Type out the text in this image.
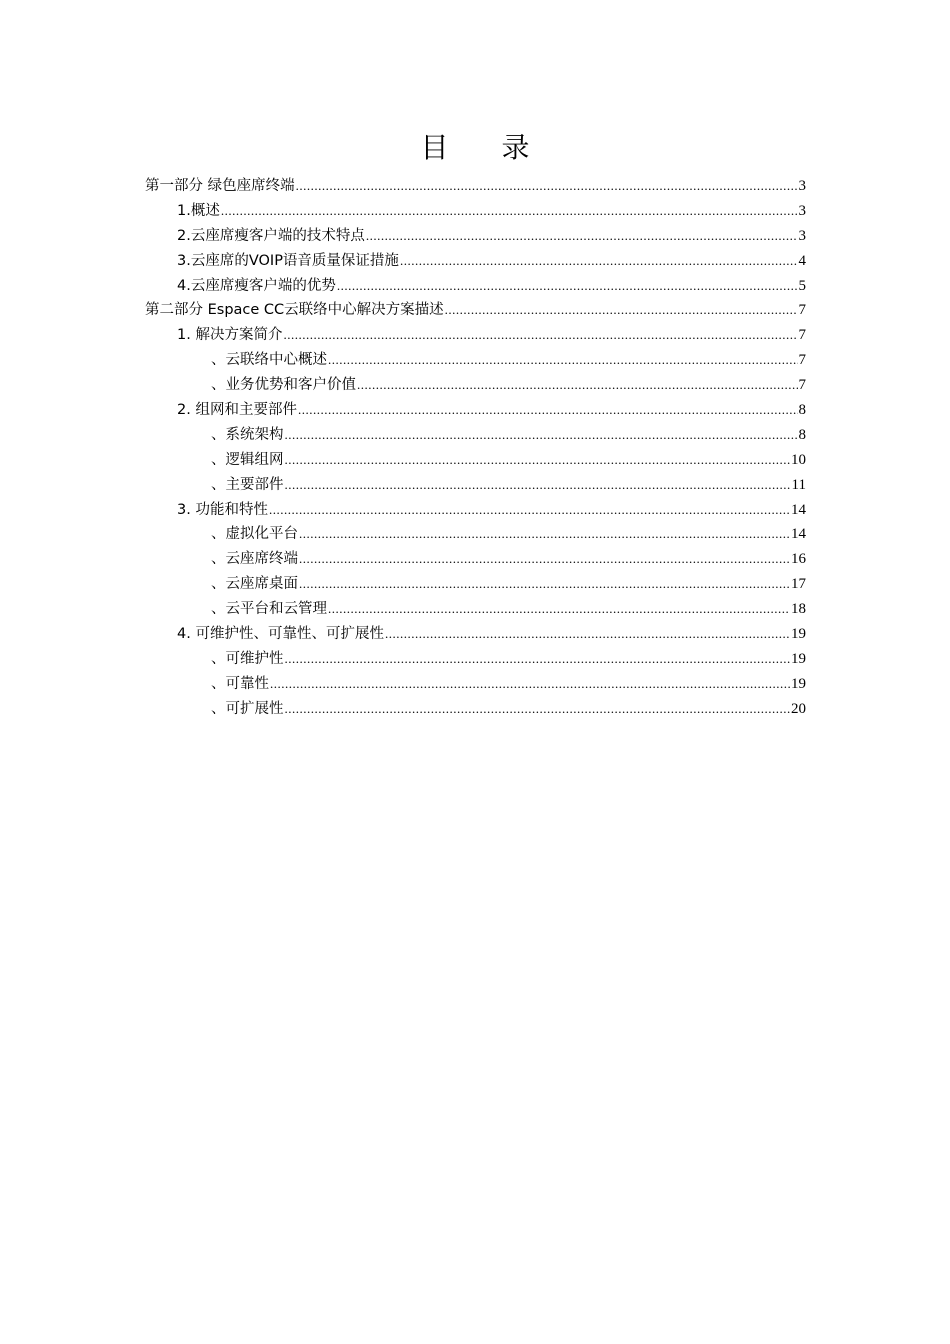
目 录
第一部分 绿色座席终端 .....	3
1.概述 .....	3
2.云座席瘦客户端的技术特点 .....	3
3.云座席的VOIP语音质量保证措施 .....	4
4.云座席瘦客户端的优势 .....	5
第二部分 Espace CC云联络中心解决方案描述 .....	7
1. 解决方案简介 .....	7
、云联络中心概述 .....	7
、业务优势和客户价值 .....	7
2. 组网和主要部件 .....	8
、系统架构 .....	8
、逻辑组网 .....	10
、主要部件 .....	11
3. 功能和特性 .....	14
、虚拟化平台 .....	14
、云座席终端 .....	16
、云座席桌面 .....	17
、云平台和云管理 .....	18
4. 可维护性、可靠性、可扩展性 .....	19
、可维护性 .....	19
、可靠性 .....	19
、可扩展性 .....	20
